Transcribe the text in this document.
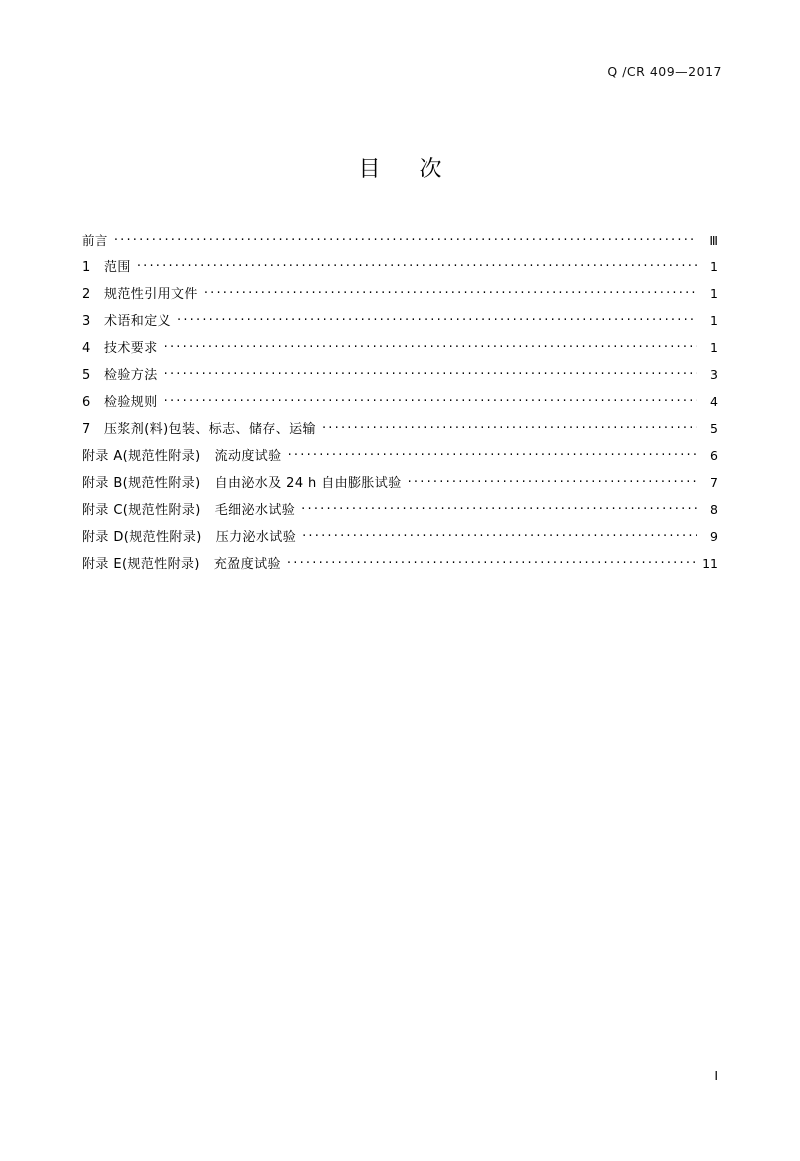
Q /CR 409—2017
目 次
前言 ·····	Ⅲ
1	范围 ·····	1
2	规范性引用文件 ·····	1
3	术语和定义 ·····	1
4	技术要求 ·····	1
5	检验方法 ·····	3
6	检验规则 ·····	4
7	压浆剂(料)包装、标志、储存、运输 ·····	5
附录 A(规范性附录) 流动度试验 ·····	6
附录 B(规范性附录) 自由泌水及 24 h 自由膨胀试验 ·····	7
附录 C(规范性附录) 毛细泌水试验 ·····	8
附录 D(规范性附录) 压力泌水试验 ·····	9
附录 E(规范性附录) 充盈度试验 ·····	11
Ⅰ
